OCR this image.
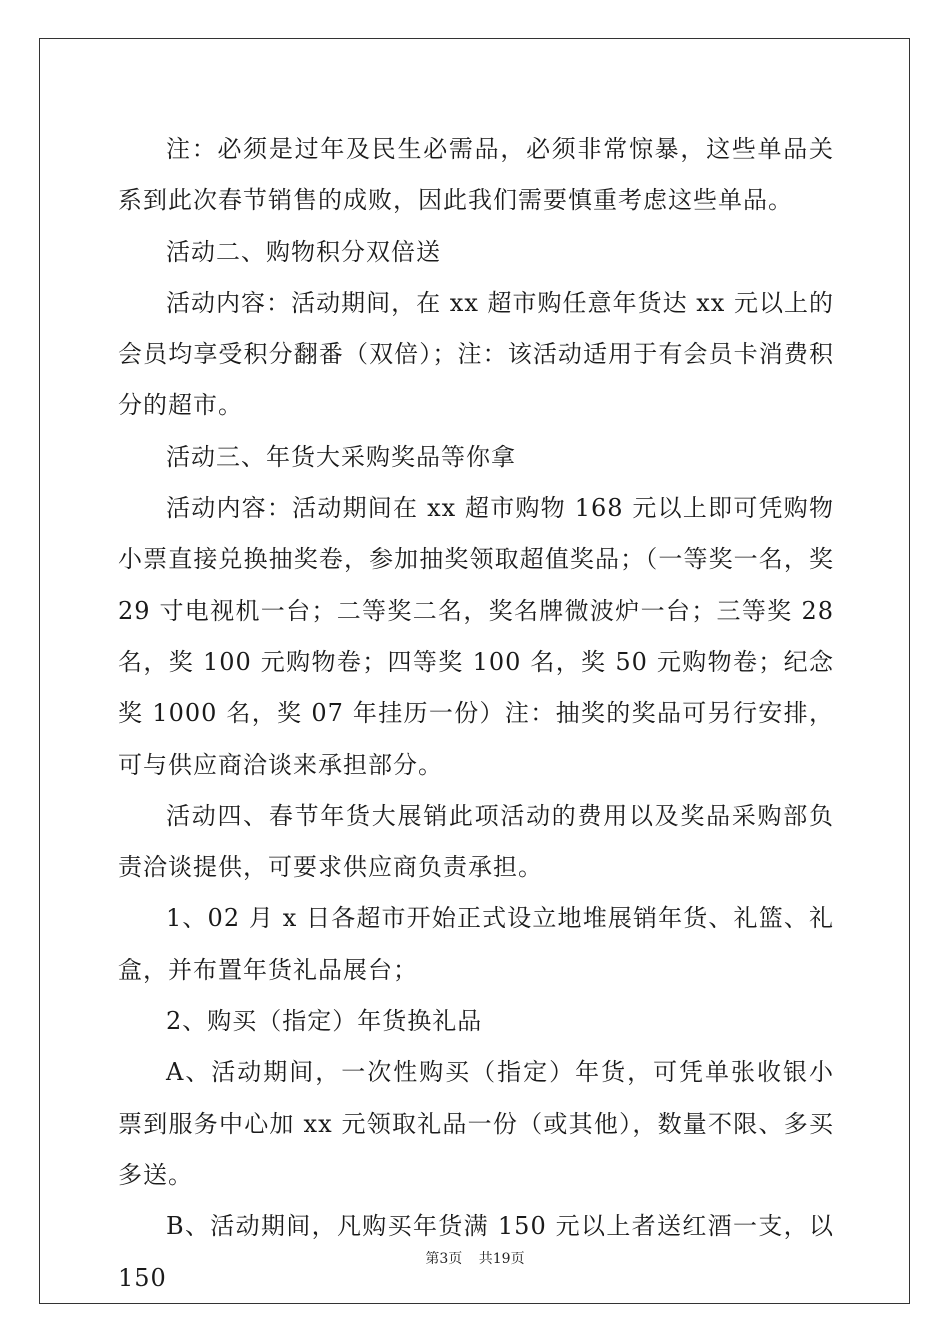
注：必须是过年及民生必需品，必须非常惊暴，这些单品关系到此次春节销售的成败，因此我们需要慎重考虑这些单品。

活动二、购物积分双倍送

活动内容：活动期间，在 xx 超市购任意年货达 xx 元以上的会员均享受积分翻番（双倍）；注：该活动适用于有会员卡消费积分的超市。

活动三、年货大采购奖品等你拿

活动内容：活动期间在 xx 超市购物 168 元以上即可凭购物小票直接兑换抽奖卷，参加抽奖领取超值奖品；（一等奖一名，奖 29 寸电视机一台；二等奖二名，奖名牌微波炉一台；三等奖 28 名，奖 100 元购物卷；四等奖 100 名，奖 50 元购物卷；纪念奖 1000 名，奖 07 年挂历一份）注：抽奖的奖品可另行安排，可与供应商洽谈来承担部分。

活动四、春节年货大展销此项活动的费用以及奖品采购部负责洽谈提供，可要求供应商负责承担。

1、02 月 x 日各超市开始正式设立地堆展销年货、礼篮、礼盒，并布置年货礼品展台；

2、购买（指定）年货换礼品

A、活动期间，一次性购买（指定）年货，可凭单张收银小票到服务中心加 xx 元领取礼品一份（或其他），数量不限、多买多送。

B、活动期间，凡购买年货满 150 元以上者送红酒一支，以 150

第3页 共19页
